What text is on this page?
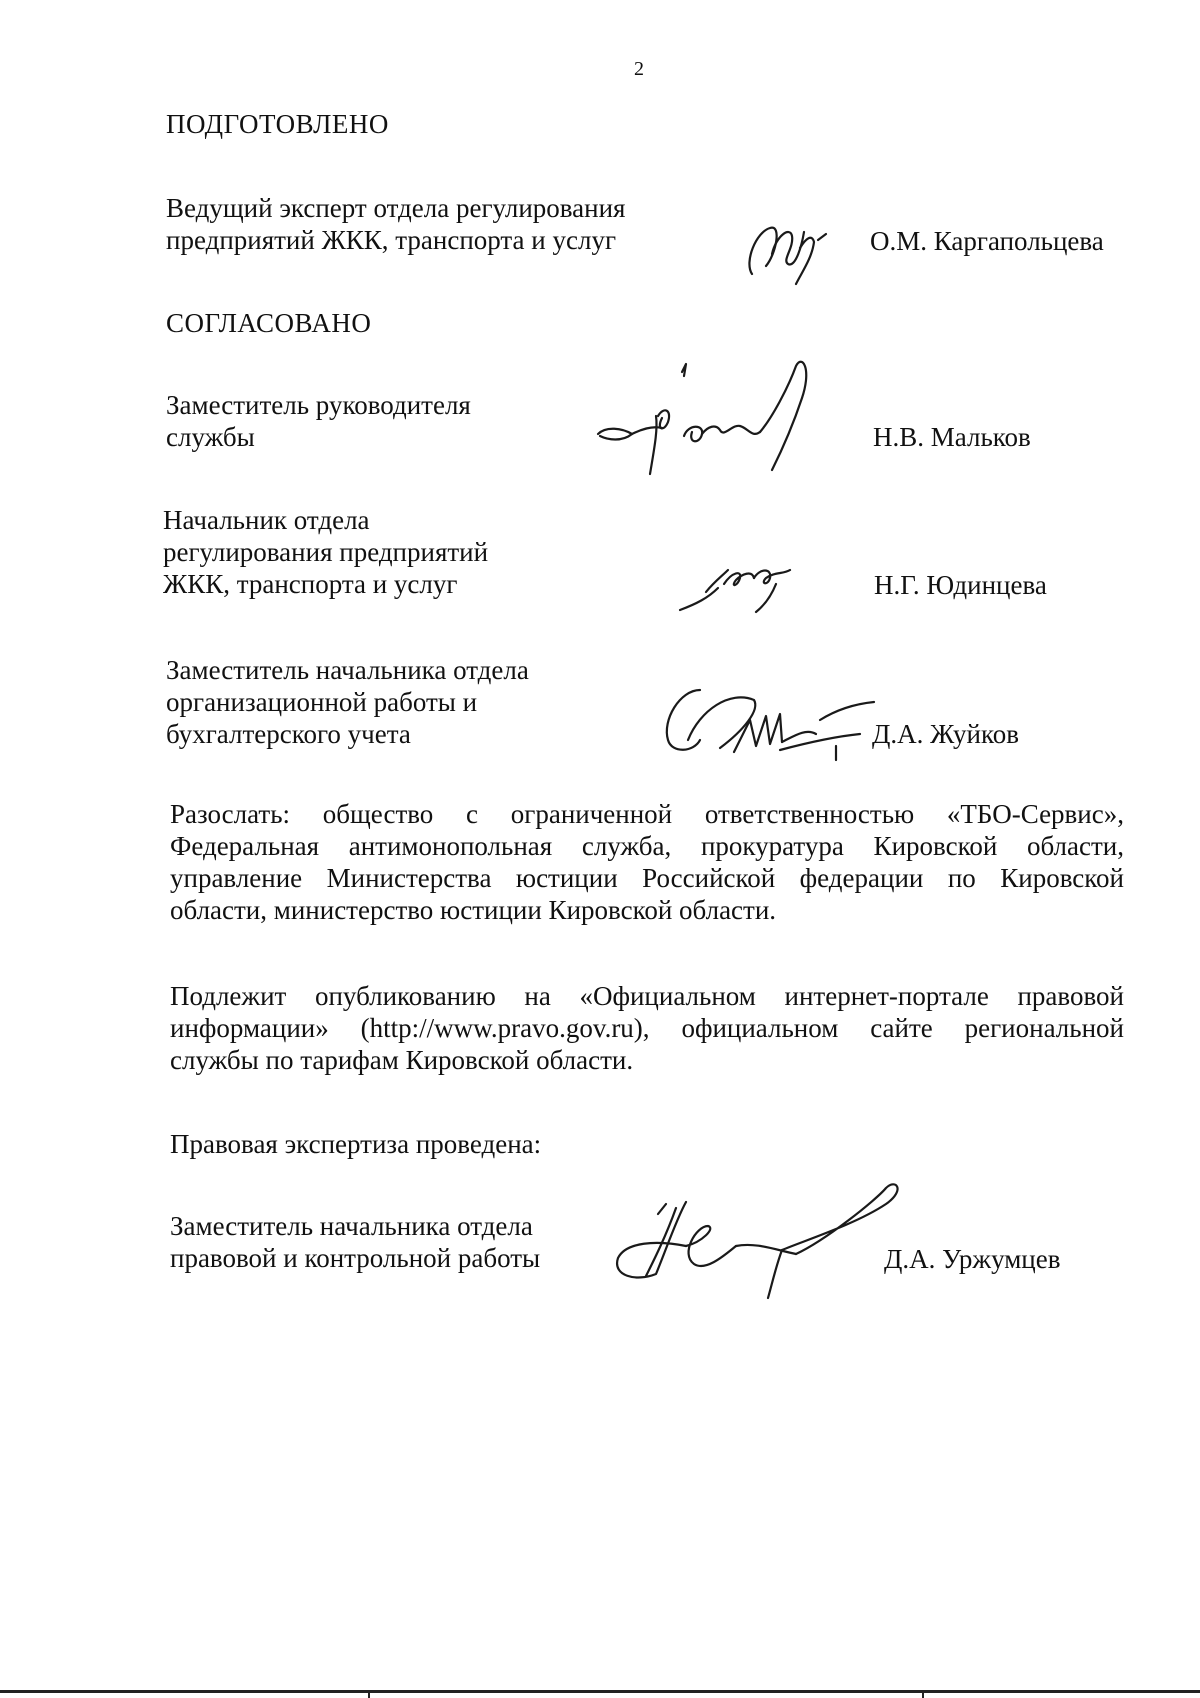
2
ПОДГОТОВЛЕНО
Ведущий эксперт отдела регулирования
предприятий ЖКК, транспорта и услуг	О.М. Каргапольцева
СОГЛАСОВАНО
Заместитель руководителя
службы	Н.В. Мальков
Начальник отдела
регулирования предприятий
ЖКК, транспорта и услуг	Н.Г. Юдинцева
Заместитель начальника отдела
организационной работы и
бухгалтерского учета	Д.А. Жуйков
Разослать: общество с ограниченной ответственностью «ТБО-Сервис»,
Федеральная антимонопольная служба, прокуратура Кировской области,
управление Министерства юстиции Российской федерации по Кировской
области, министерство юстиции Кировской области.
Подлежит опубликованию на «Официальном интернет-портале правовой
информации» (http://www.pravo.gov.ru), официальном сайте региональной
службы по тарифам Кировской области.
Правовая экспертиза проведена:
Заместитель начальника отдела
правовой и контрольной работы	Д.А. Уржумцев
